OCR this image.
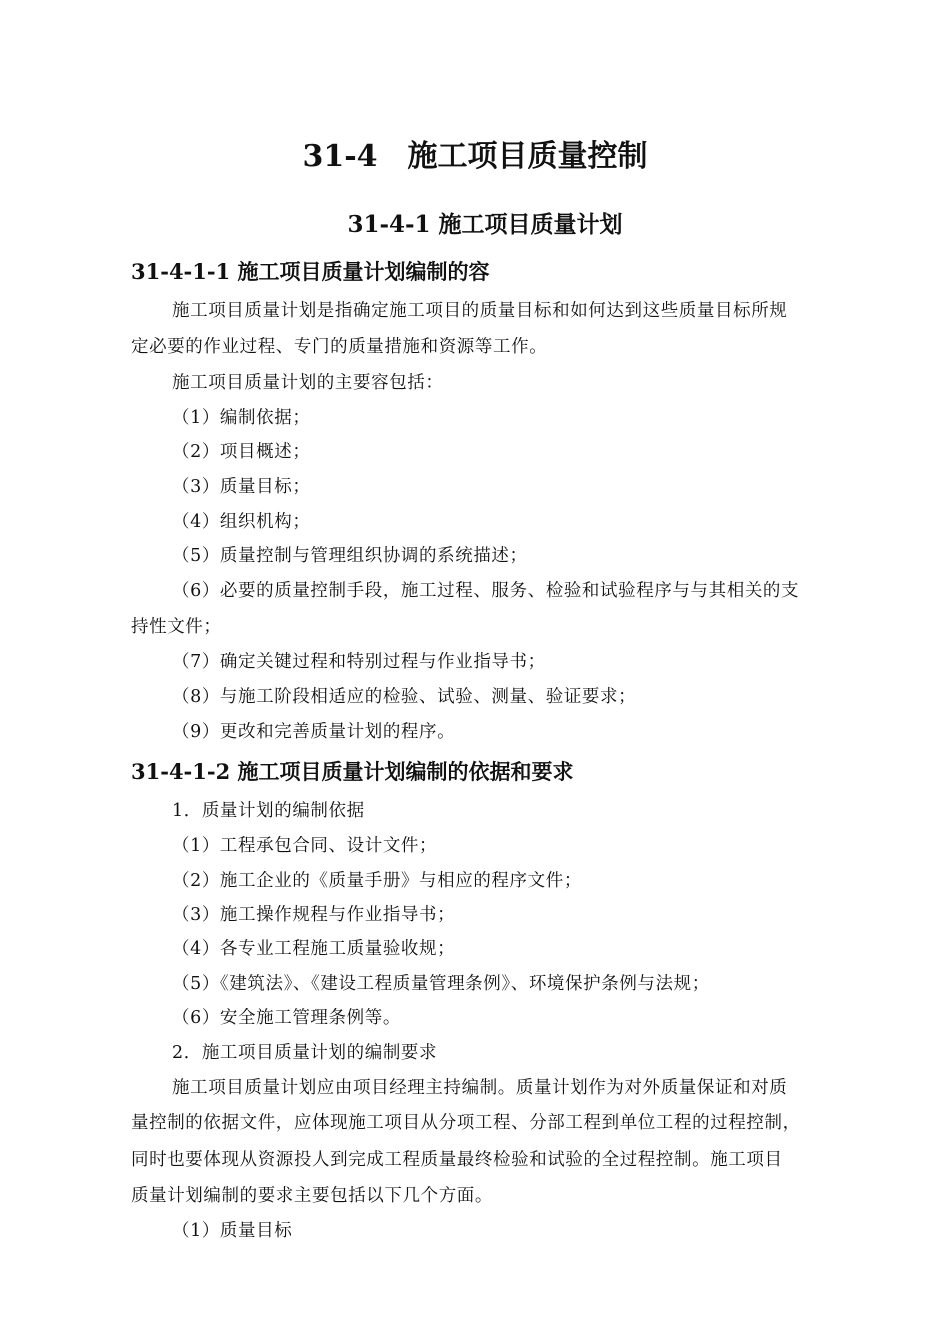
31-4　施工项目质量控制
31-4-1 施工项目质量计划
31-4-1-1 施工项目质量计划编制的容
施工项目质量计划是指确定施工项目的质量目标和如何达到这些质量目标所规
定必要的作业过程、专门的质量措施和资源等工作。
施工项目质量计划的主要容包括：
（1）编制依据；
（2）项目概述；
（3）质量目标；
（4）组织机构；
（5）质量控制与管理组织协调的系统描述；
（6）必要的质量控制手段，施工过程、服务、检验和试验程序与与其相关的支
持性文件；
（7）确定关键过程和特别过程与作业指导书；
（8）与施工阶段相适应的检验、试验、测量、验证要求；
（9）更改和完善质量计划的程序。
31-4-1-2 施工项目质量计划编制的依据和要求
1．质量计划的编制依据
（1）工程承包合同、设计文件；
（2）施工企业的《质量手册》与相应的程序文件；
（3）施工操作规程与作业指导书；
（4）各专业工程施工质量验收规；
（5）《建筑法》、《建设工程质量管理条例》、环境保护条例与法规；
（6）安全施工管理条例等。
2．施工项目质量计划的编制要求
施工项目质量计划应由项目经理主持编制。质量计划作为对外质量保证和对质
量控制的依据文件，应体现施工项目从分项工程、分部工程到单位工程的过程控制，
同时也要体现从资源投人到完成工程质量最终检验和试验的全过程控制。施工项目
质量计划编制的要求主要包括以下几个方面。
（1）质量目标
